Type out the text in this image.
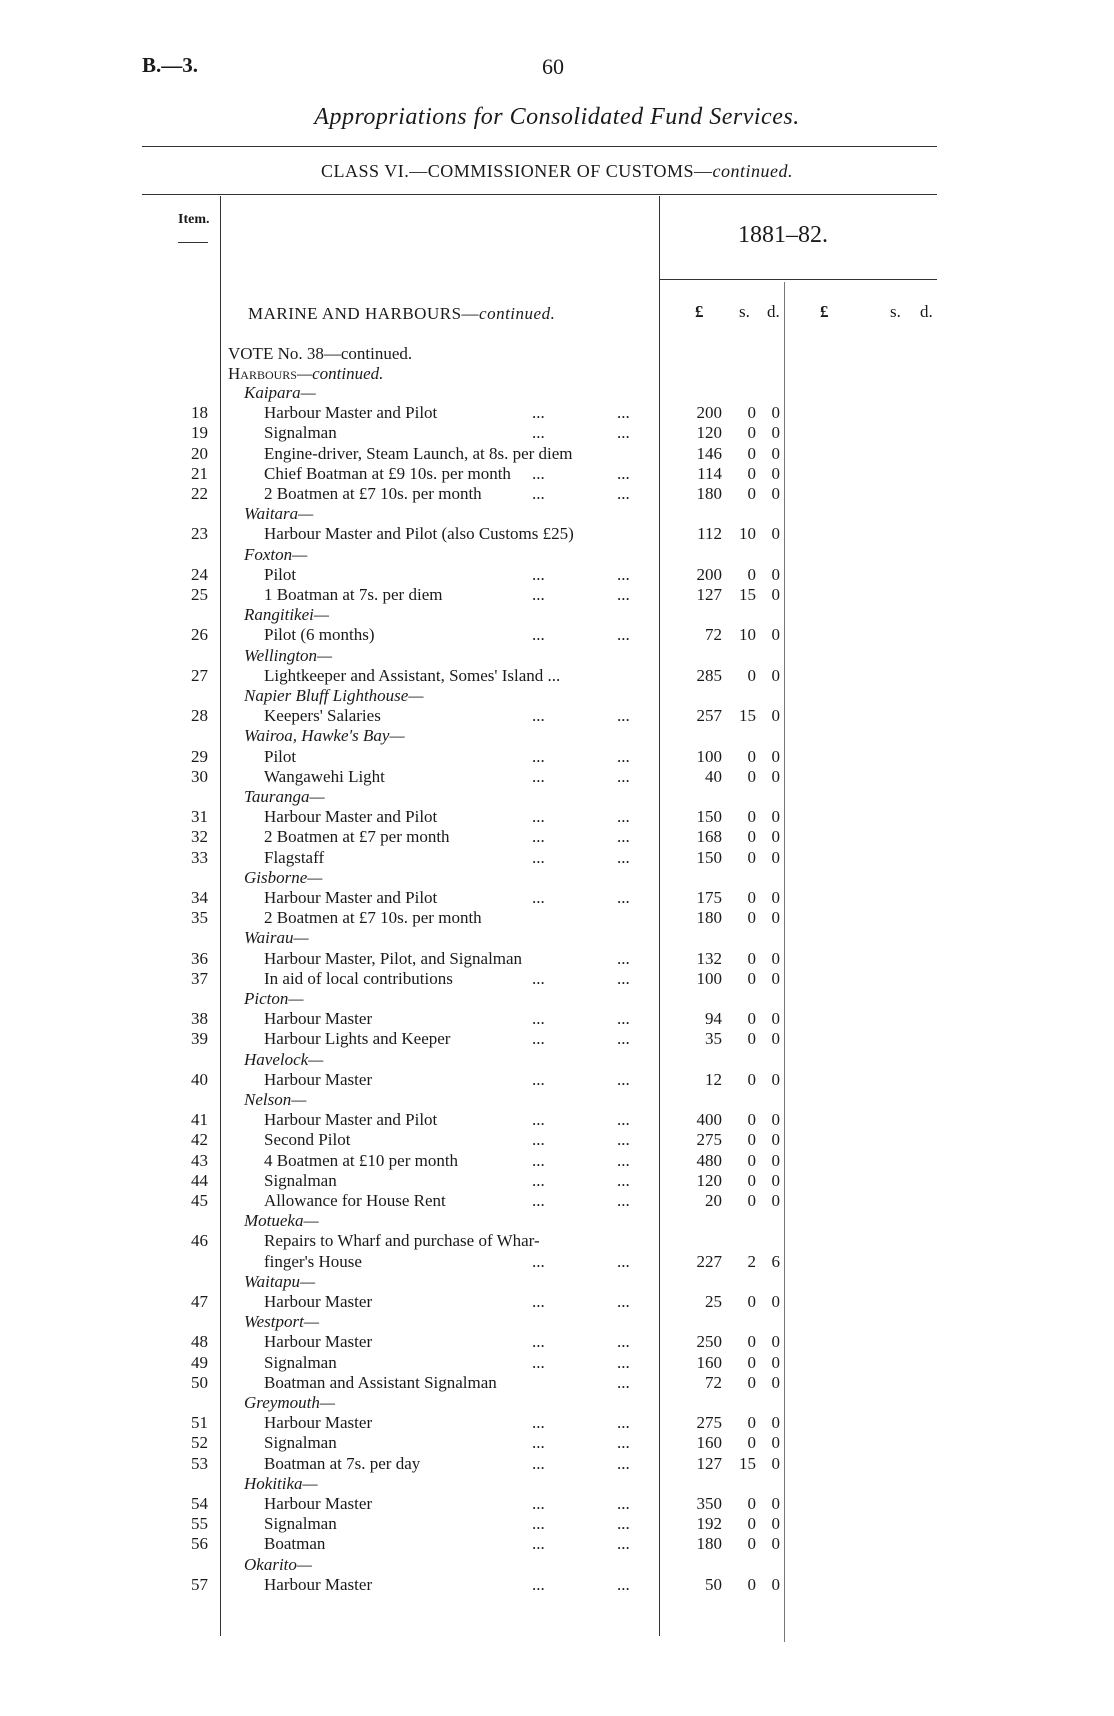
B.—3.	60
Appropriations for Consolidated Fund Services.
CLASS VI.—COMMISSIONER OF CUSTOMS—continued.
Item.
1881–82.
MARINE AND HARBOURS—continued.	£ s. d. £	s. d.
VOTE No. 38—continued.
Harbours—continued.
Kaipara—
18	Harbour Master and Pilot	...	...	200	0 0
19	Signalman	...	...	120	0 0
20	Engine-driver, Steam Launch, at 8s. per diem	146	0 0
21	Chief Boatman at £9 10s. per month ...	...	114	0 0
22	2 Boatmen at £7 10s. per month	...	...	180	0 0
Waitara—
23	Harbour Master and Pilot (also Customs £25)	112	10 0
Foxton—
24	Pilot	...	...	200	0 0
25	1 Boatman at 7s. per diem	...	...	127	15 0
Rangitikei—
26	Pilot (6 months)	...	...	72	10 0
Wellington—
27	Lightkeeper and Assistant, Somes' Island ...	285	0 0
Napier Bluff Lighthouse—
28	Keepers' Salaries	...	...	257	15 0
Wairoa, Hawke's Bay—
29	Pilot	...	...	100	0 0
30	Wangawehi Light	...	...	40	0 0
Tauranga—
31	Harbour Master and Pilot	...	...	150	0 0
32	2 Boatmen at £7 per month	...	...	168	0 0
33	Flagstaff	...	...	150	0 0
Gisborne—
34	Harbour Master and Pilot	...	...	175	0 0
35	2 Boatmen at £7 10s. per month	180	0 0
Wairau—
36	Harbour Master, Pilot, and Signalman	...	132	0 0
37	In aid of local contributions	...	...	100	0 0
Picton—
38	Harbour Master	...	...	94	0 0
39	Harbour Lights and Keeper	...	...	35	0 0
Havelock—
40	Harbour Master	...	...	12	0 0
Nelson—
41	Harbour Master and Pilot	...	...	400	0 0
42	Second Pilot	...	...	275	0 0
43	4 Boatmen at £10 per month	...	...	480	0 0
44	Signalman	...	...	120	0 0
45	Allowance for House Rent	...	...	20	0 0
Motueka—
46	Repairs to Wharf and purchase of Whar-
finger's House	...	...	227	2 6
Waitapu—
47	Harbour Master	...	...	25	0 0
Westport—
48	Harbour Master	...	...	250	0 0
49	Signalman	...	...	160	0 0
50	Boatman and Assistant Signalman	...	72	0 0
Greymouth—
51	Harbour Master	...	...	275	0 0
52	Signalman	...	...	160	0 0
53	Boatman at 7s. per day	...	...	127	15 0
Hokitika—
54	Harbour Master	...	...	350	0 0
55	Signalman	...	...	192	0 0
56	Boatman	...	...	180	0 0
Okarito—
57	Harbour Master	...	...	50	0 0
